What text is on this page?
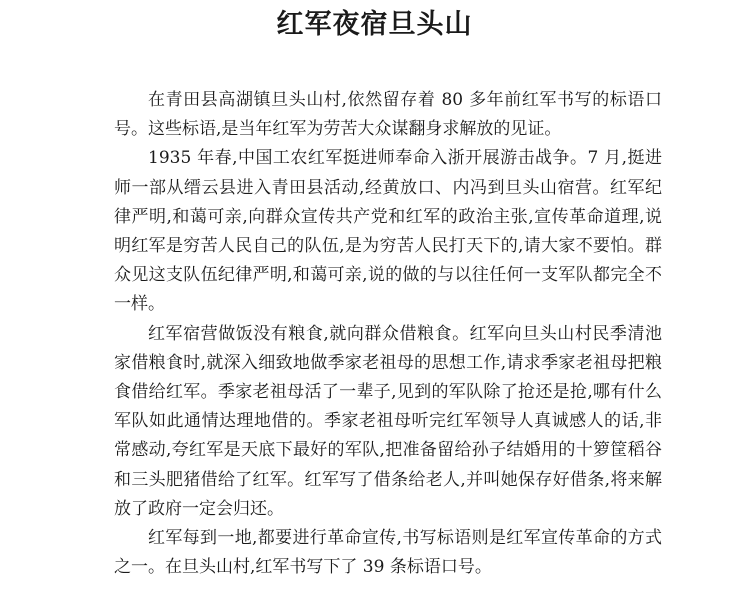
红军夜宿旦头山

在青田县高湖镇旦头山村,依然留存着 80 多年前红军书写的标语口号。这些标语,是当年红军为劳苦大众谋翻身求解放的见证。

1935 年春,中国工农红军挺进师奉命入浙开展游击战争。7 月,挺进师一部从缙云县进入青田县活动,经黄放口、内冯到旦头山宿营。红军纪律严明,和蔼可亲,向群众宣传共产党和红军的政治主张,宣传革命道理,说明红军是穷苦人民自己的队伍,是为穷苦人民打天下的,请大家不要怕。群众见这支队伍纪律严明,和蔼可亲,说的做的与以往任何一支军队都完全不一样。

红军宿营做饭没有粮食,就向群众借粮食。红军向旦头山村民季清池家借粮食时,就深入细致地做季家老祖母的思想工作,请求季家老祖母把粮食借给红军。季家老祖母活了一辈子,见到的军队除了抢还是抢,哪有什么军队如此通情达理地借的。季家老祖母听完红军领导人真诚感人的话,非常感动,夸红军是天底下最好的军队,把准备留给孙子结婚用的十箩筐稻谷和三头肥猪借给了红军。红军写了借条给老人,并叫她保存好借条,将来解放了政府一定会归还。

红军每到一地,都要进行革命宣传,书写标语则是红军宣传革命的方式之一。在旦头山村,红军书写下了 39 条标语口号。
